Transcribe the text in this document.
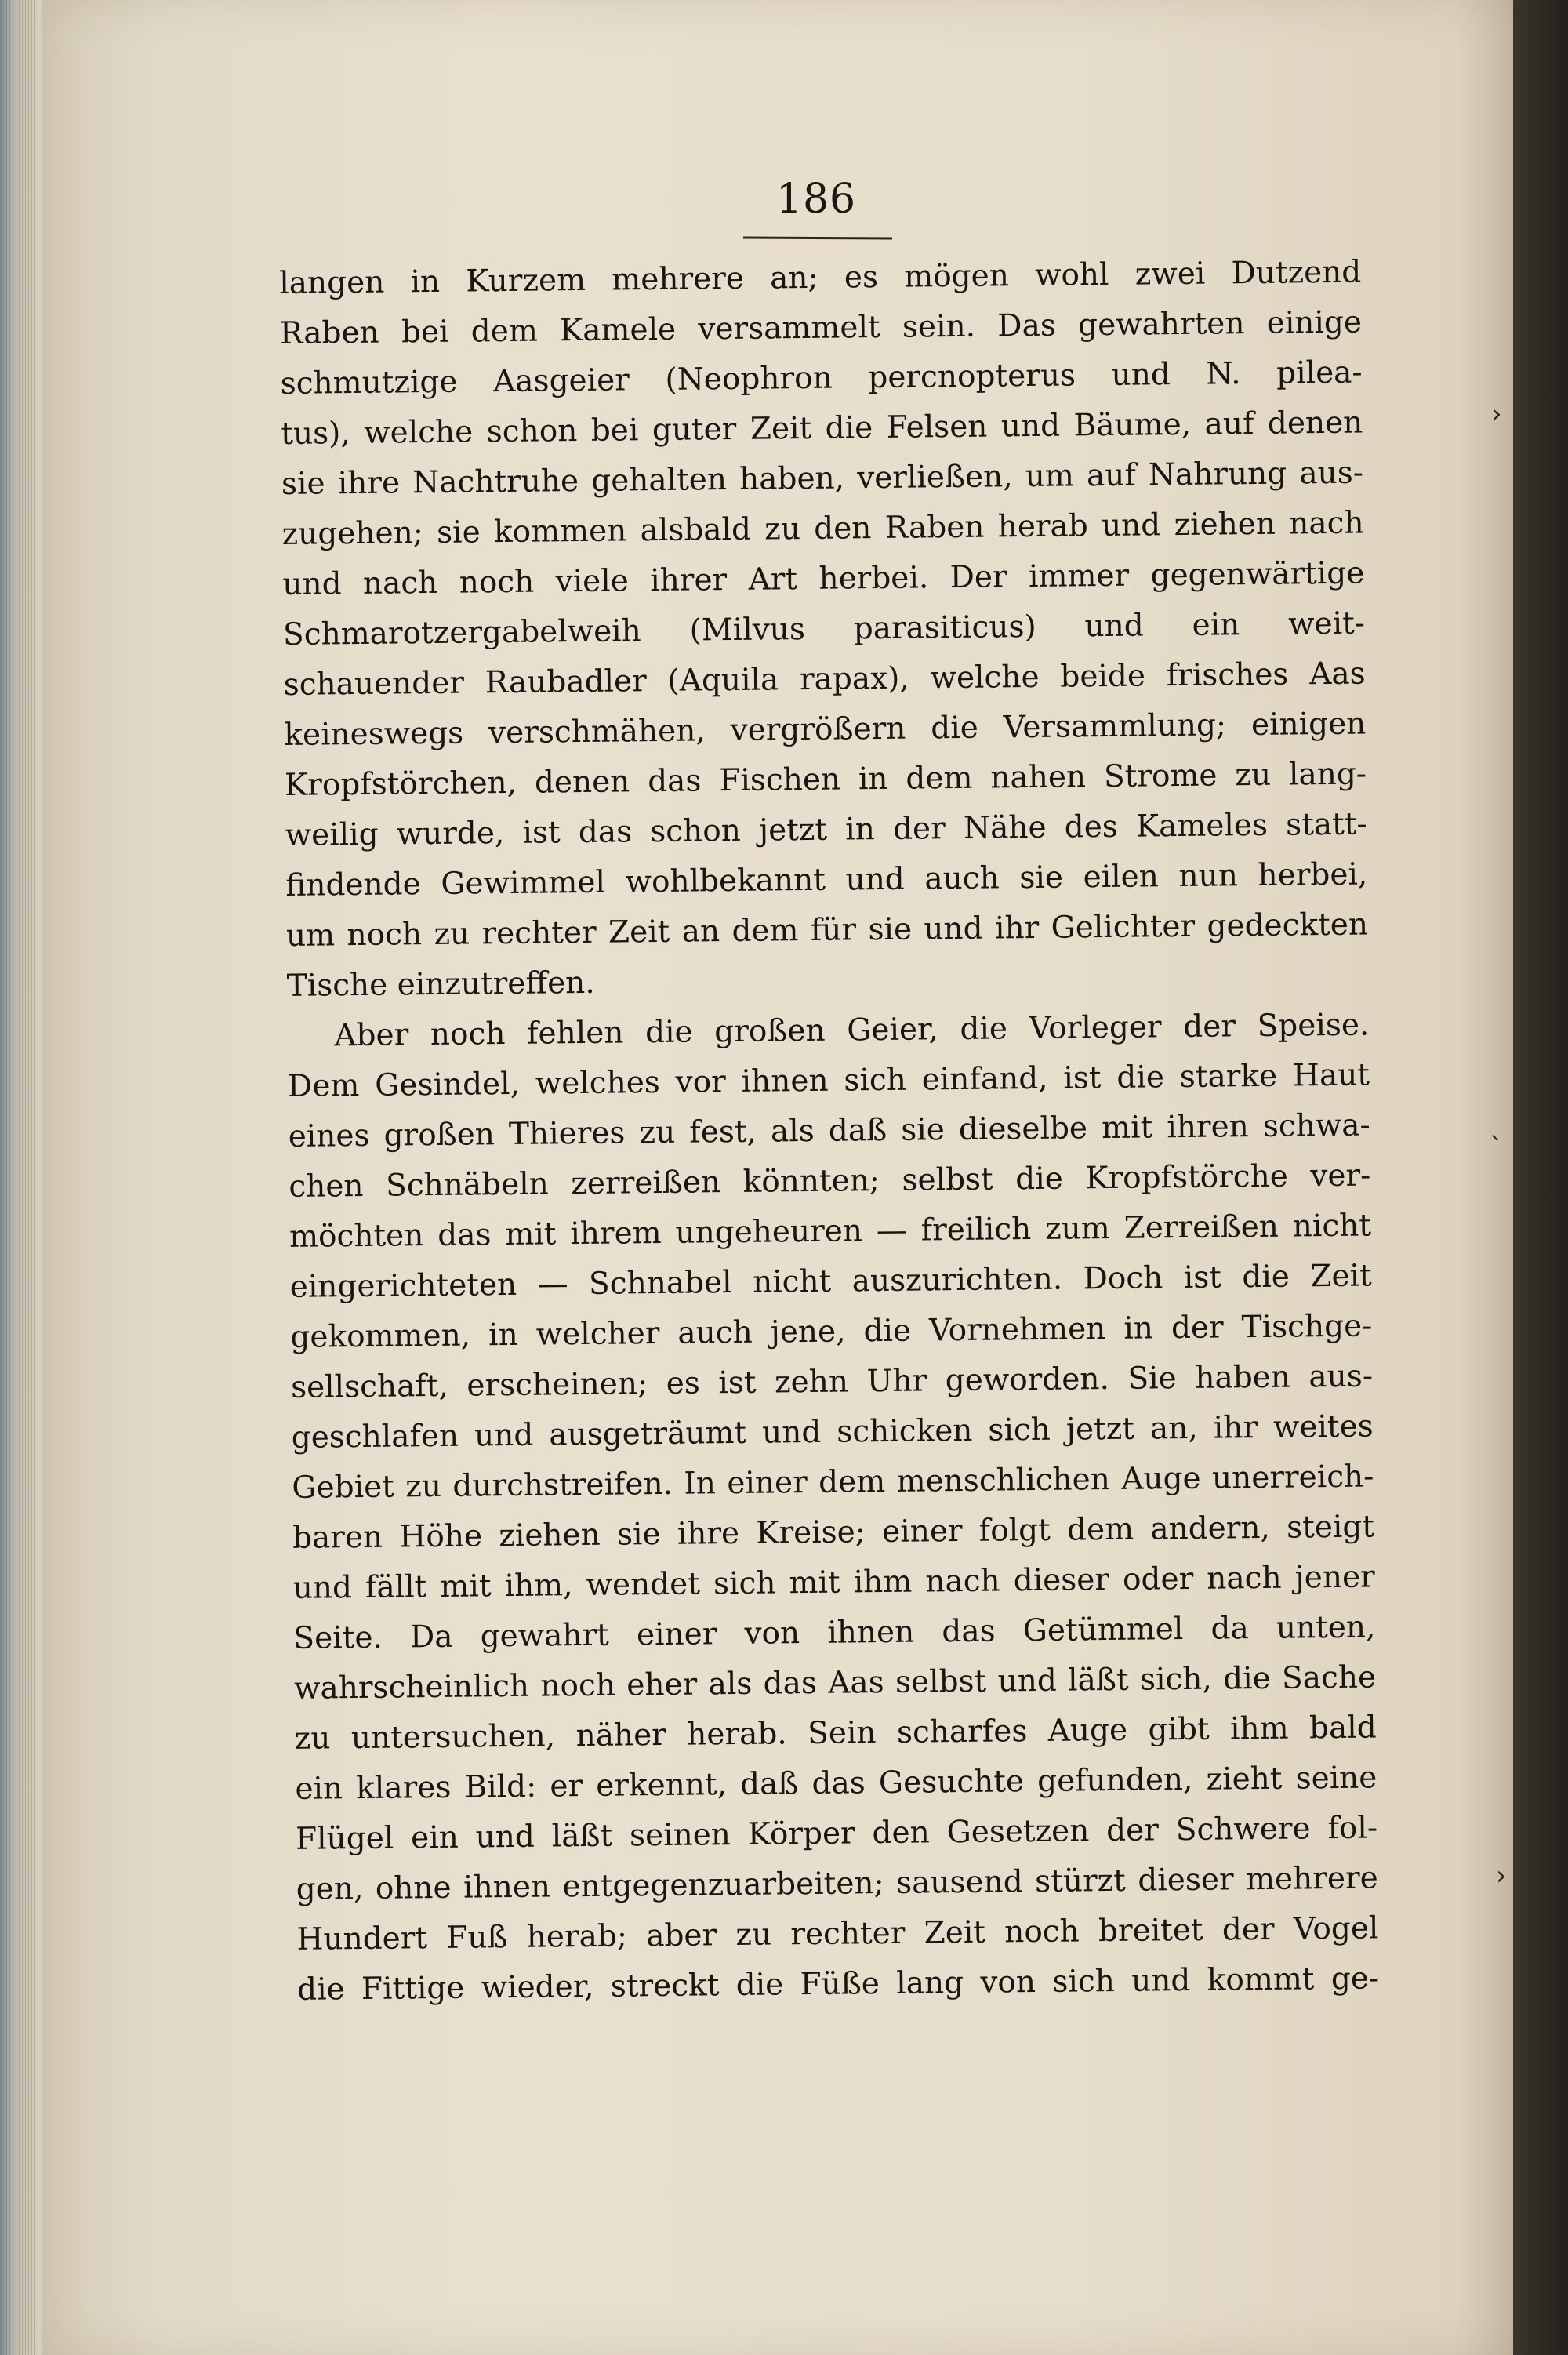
186

langen in Kurzem mehrere an; es mögen wohl zwei Dutzend

Raben bei dem Kamele versammelt sein. Das gewahrten einige

schmutzige Aasgeier (Neophron percnopterus und N. pilea-

tus), welche schon bei guter Zeit die Felsen und Bäume, auf denen

sie ihre Nachtruhe gehalten haben, verließen, um auf Nahrung aus-

zugehen; sie kommen alsbald zu den Raben herab und ziehen nach

und nach noch viele ihrer Art herbei. Der immer gegenwärtige

Schmarotzergabelweih (Milvus parasiticus) und ein weit-

schauender Raubadler (Aquila rapax), welche beide frisches Aas

keineswegs verschmähen, vergrößern die Versammlung; einigen

Kropfstörchen, denen das Fischen in dem nahen Strome zu lang-

weilig wurde, ist das schon jetzt in der Nähe des Kameles statt-

findende Gewimmel wohlbekannt und auch sie eilen nun herbei,

um noch zu rechter Zeit an dem für sie und ihr Gelichter gedeckten

Tische einzutreffen.

Aber noch fehlen die großen Geier, die Vorleger der Speise.

Dem Gesindel, welches vor ihnen sich einfand, ist die starke Haut

eines großen Thieres zu fest, als daß sie dieselbe mit ihren schwa-

chen Schnäbeln zerreißen könnten; selbst die Kropfstörche ver-

möchten das mit ihrem ungeheuren — freilich zum Zerreißen nicht

eingerichteten — Schnabel nicht auszurichten. Doch ist die Zeit

gekommen, in welcher auch jene, die Vornehmen in der Tischge-

sellschaft, erscheinen; es ist zehn Uhr geworden. Sie haben aus-

geschlafen und ausgeträumt und schicken sich jetzt an, ihr weites

Gebiet zu durchstreifen. In einer dem menschlichen Auge unerreich-

baren Höhe ziehen sie ihre Kreise; einer folgt dem andern, steigt

und fällt mit ihm, wendet sich mit ihm nach dieser oder nach jener

Seite. Da gewahrt einer von ihnen das Getümmel da unten,

wahrscheinlich noch eher als das Aas selbst und läßt sich, die Sache

zu untersuchen, näher herab. Sein scharfes Auge gibt ihm bald

ein klares Bild: er erkennt, daß das Gesuchte gefunden, zieht seine

Flügel ein und läßt seinen Körper den Gesetzen der Schwere fol-

gen, ohne ihnen entgegenzuarbeiten; sausend stürzt dieser mehrere

Hundert Fuß herab; aber zu rechter Zeit noch breitet der Vogel

die Fittige wieder, streckt die Füße lang von sich und kommt ge-

›
ˋ
›
